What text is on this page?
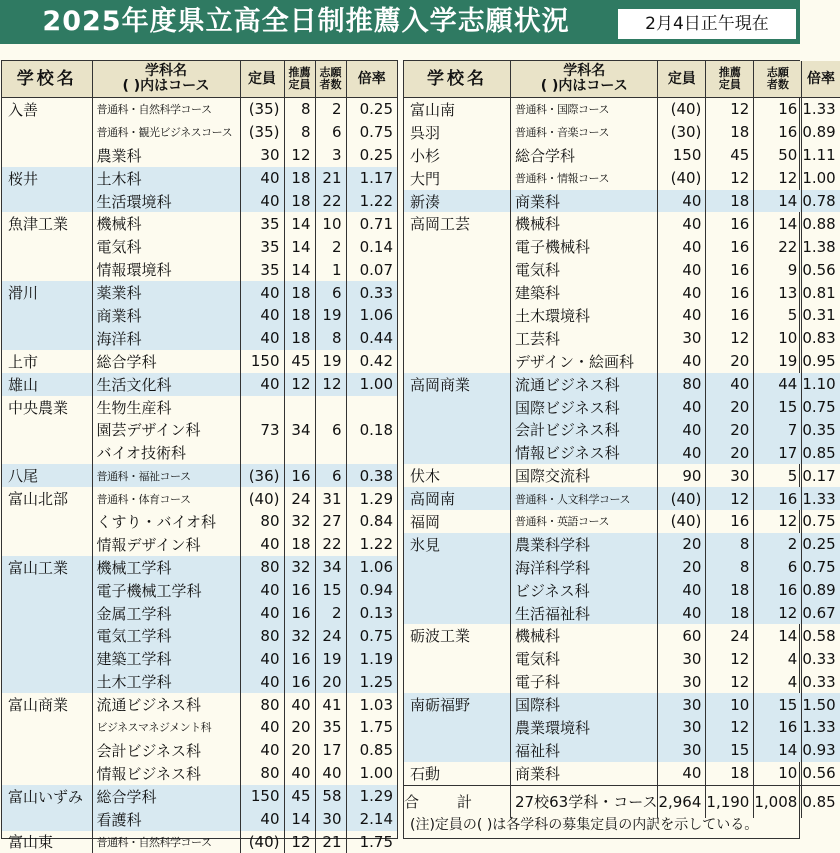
2025年度県立高全日制推薦入学志願状況	2月4日正午現在
学校名	学科名
( )内はコース	定員	推薦
定員	志願
者数	倍率
入善	普通科・自然科学コース	(35)	8	2	0.25
	普通科・観光ビジネスコース	(35)	8	6	0.75
	農業科	30	12	3	0.25
桜井	土木科	40	18	21	1.17
	生活環境科	40	18	22	1.22
魚津工業	機械科	35	14	10	0.71
	電気科	35	14	2	0.14
	情報環境科	35	14	1	0.07
滑川	薬業科	40	18	6	0.33
	商業科	40	18	19	1.06
	海洋科	40	18	8	0.44
上市	総合学科	150	45	19	0.42
雄山	生活文化科	40	12	12	1.00
中央農業	生物生産科				
	園芸デザイン科	73	34	6	0.18
	バイオ技術科				
八尾	普通科・福祉コース	(36)	16	6	0.38
富山北部	普通科・体育コース	(40)	24	31	1.29
	くすり・バイオ科	80	32	27	0.84
	情報デザイン科	40	18	22	1.22
富山工業	機械工学科	80	32	34	1.06
	電子機械工学科	40	16	15	0.94
	金属工学科	40	16	2	0.13
	電気工学科	80	32	24	0.75
	建築工学科	40	16	19	1.19
	土木工学科	40	16	20	1.25
富山商業	流通ビジネス科	80	40	41	1.03
	ビジネスマネジメント科	40	20	35	1.75
	会計ビジネス科	40	20	17	0.85
	情報ビジネス科	80	40	40	1.00
富山いずみ	総合学科	150	45	58	1.29
	看護科	40	14	30	2.14
富山東	普通科・自然科学コース	(40)	12	21	1.75
学校名	学科名
( )内はコース	定員	推薦
定員	志願
者数	倍率
富山南	普通科・国際コース	(40)	12	16	1.33
呉羽	普通科・音楽コース	(30)	18	16	0.89
小杉	総合学科	150	45	50	1.11
大門	普通科・情報コース	(40)	12	12	1.00
新湊	商業科	40	18	14	0.78
高岡工芸	機械科	40	16	14	0.88
	電子機械科	40	16	22	1.38
	電気科	40	16	9	0.56
	建築科	40	16	13	0.81
	土木環境科	40	16	5	0.31
	工芸科	30	12	10	0.83
	デザイン・絵画科	40	20	19	0.95
高岡商業	流通ビジネス科	80	40	44	1.10
	国際ビジネス科	40	20	15	0.75
	会計ビジネス科	40	20	7	0.35
	情報ビジネス科	40	20	17	0.85
伏木	国際交流科	90	30	5	0.17
高岡南	普通科・人文科学コース	(40)	12	16	1.33
福岡	普通科・英語コース	(40)	16	12	0.75
氷見	農業科学科	20	8	2	0.25
	海洋科学科	20	8	6	0.75
	ビジネス科	40	18	16	0.89
	生活福祉科	40	18	12	0.67
砺波工業	機械科	60	24	14	0.58
	電気科	30	12	4	0.33
	電子科	30	12	4	0.33
南砺福野	国際科	30	10	15	1.50
	農業環境科	30	12	16	1.33
	福祉科	30	15	14	0.93
石動	商業科	40	18	10	0.56
合計	27校63学科・コース	2,964	1,190	1,008	0.85
(注)定員の( )は各学科の募集定員の内訳を示している。
